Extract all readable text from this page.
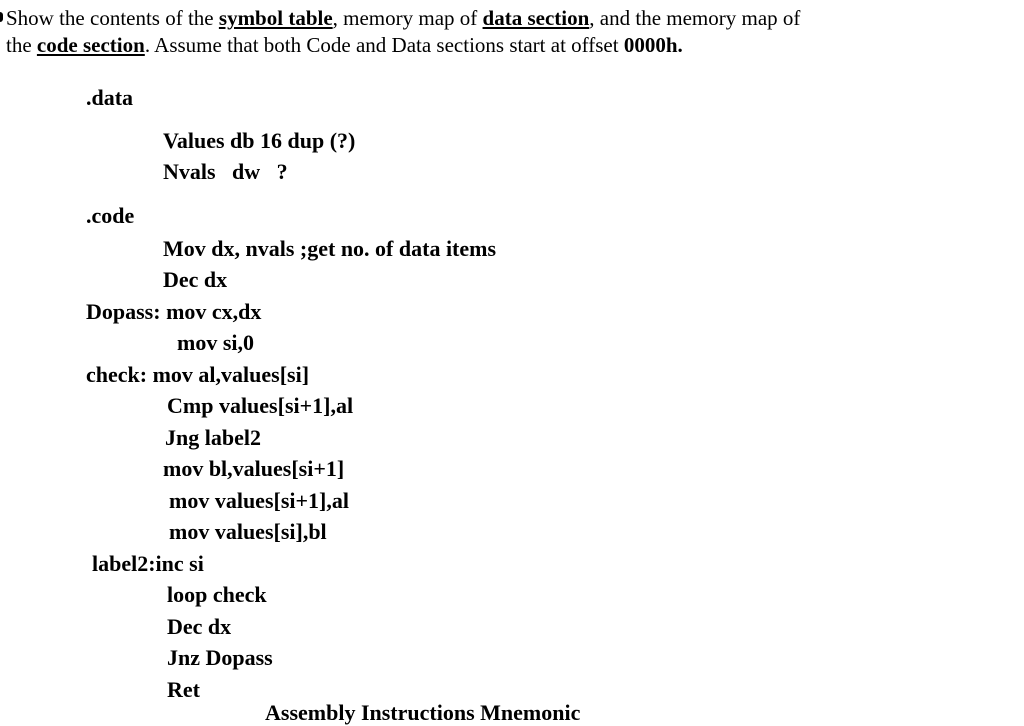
Show the contents of the symbol table, memory map of data section, and the memory map of
the code section. Assume that both Code and Data sections start at offset 0000h.

.data
Values db 16 dup (?)
Nvals   dw   ?
.code
Mov dx, nvals ;get no. of data items
Dec dx
Dopass: mov cx,dx
mov si,0
check: mov al,values[si]
Cmp values[si+1],al
Jng label2
mov bl,values[si+1]
mov values[si+1],al
mov values[si],bl
label2:inc si
loop check
Dec dx
Jnz Dopass
Ret
Assembly Instructions Mnemonic
